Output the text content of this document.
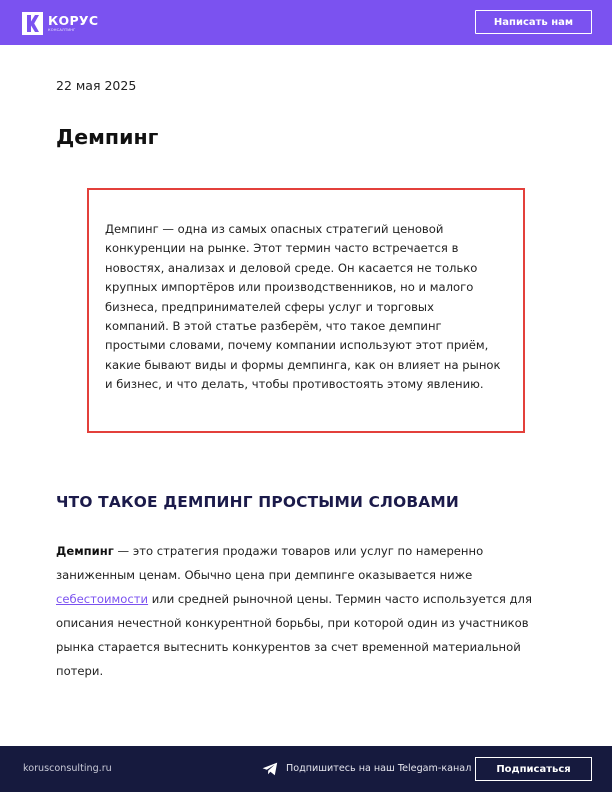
КОРУС
КОНСАЛТИНГ
Написать нам
22 мая 2025
Демпинг
Демпинг — одна из самых опасных стратегий ценовой
конкуренции на рынке. Этот термин часто встречается в
новостях, анализах и деловой среде. Он касается не только
крупных импортёров или производственников, но и малого
бизнеса, предпринимателей сферы услуг и торговых
компаний. В этой статье разберём, что такое демпинг
простыми словами, почему компании используют этот приём,
какие бывают виды и формы демпинга, как он влияет на рынок
и бизнес, и что делать, чтобы противостоять этому явлению.
ЧТО ТАКОЕ ДЕМПИНГ ПРОСТЫМИ СЛОВАМИ
Демпинг — это стратегия продажи товаров или услуг по намеренно
заниженным ценам. Обычно цена при демпинге оказывается ниже
себестоимости или средней рыночной цены. Термин часто используется для
описания нечестной конкурентной борьбы, при которой один из участников
рынка старается вытеснить конкурентов за счет временной материальной
потери.
korusconsulting.ru	Подпишитесь на наш Telegam-канал	Подписаться
